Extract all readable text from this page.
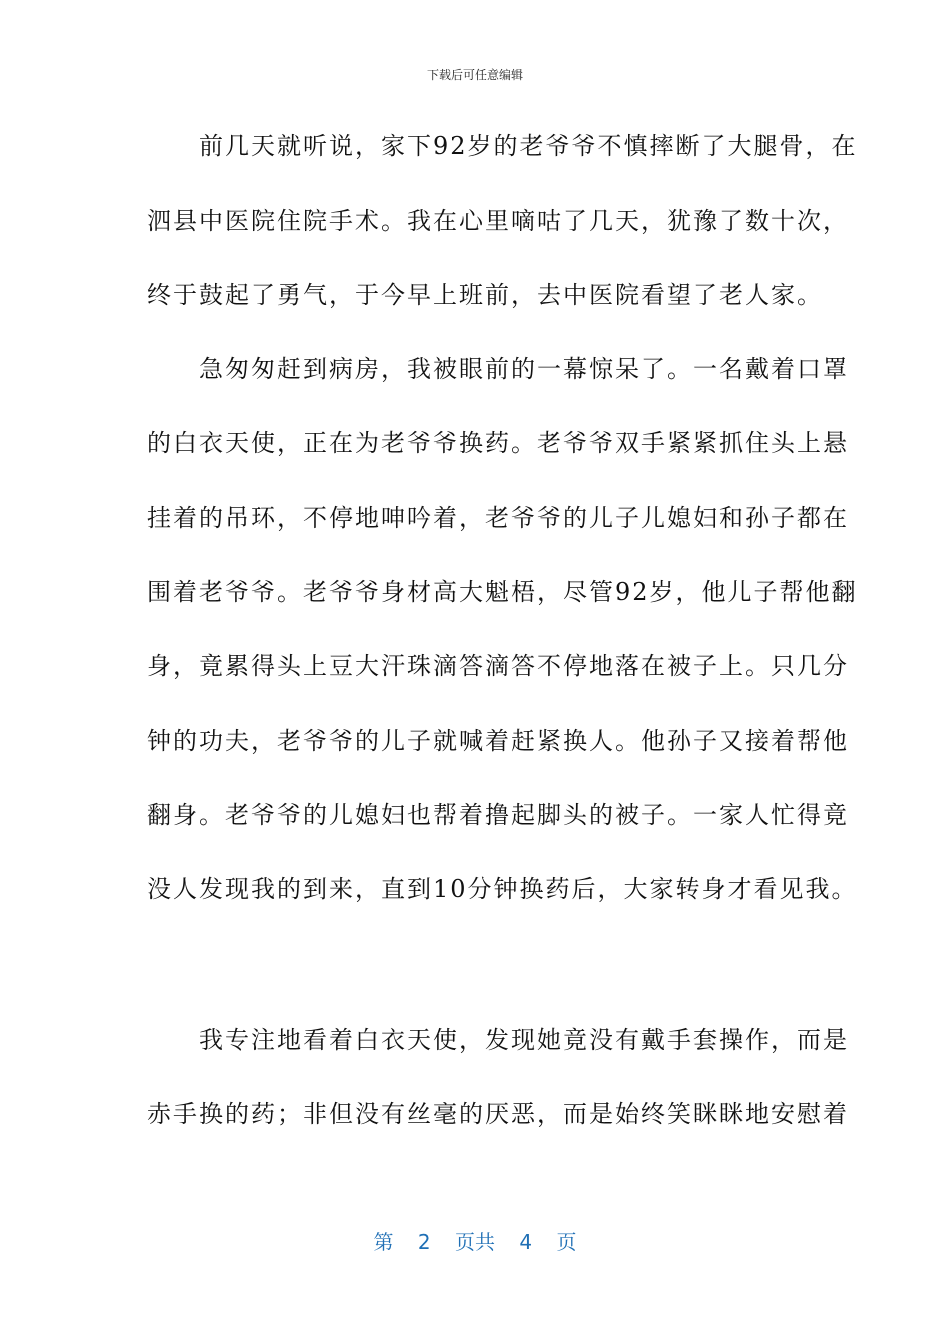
下载后可任意编辑
　　前几天就听说，家下92岁的老爷爷不慎摔断了大腿骨，在
泗县中医院住院手术。我在心里嘀咕了几天，犹豫了数十次，
终于鼓起了勇气，于今早上班前，去中医院看望了老人家。
　　急匆匆赶到病房，我被眼前的一幕惊呆了。一名戴着口罩
的白衣天使，正在为老爷爷换药。老爷爷双手紧紧抓住头上悬
挂着的吊环，不停地呻吟着，老爷爷的儿子儿媳妇和孙子都在
围着老爷爷。老爷爷身材高大魁梧，尽管92岁，他儿子帮他翻
身，竟累得头上豆大汗珠滴答滴答不停地落在被子上。只几分
钟的功夫，老爷爷的儿子就喊着赶紧换人。他孙子又接着帮他
翻身。老爷爷的儿媳妇也帮着撸起脚头的被子。一家人忙得竟
没人发现我的到来，直到10分钟换药后，大家转身才看见我。
　　我专注地看着白衣天使，发现她竟没有戴手套操作，而是
赤手换的药；非但没有丝毫的厌恶，而是始终笑眯眯地安慰着
第 2 页共 4 页
